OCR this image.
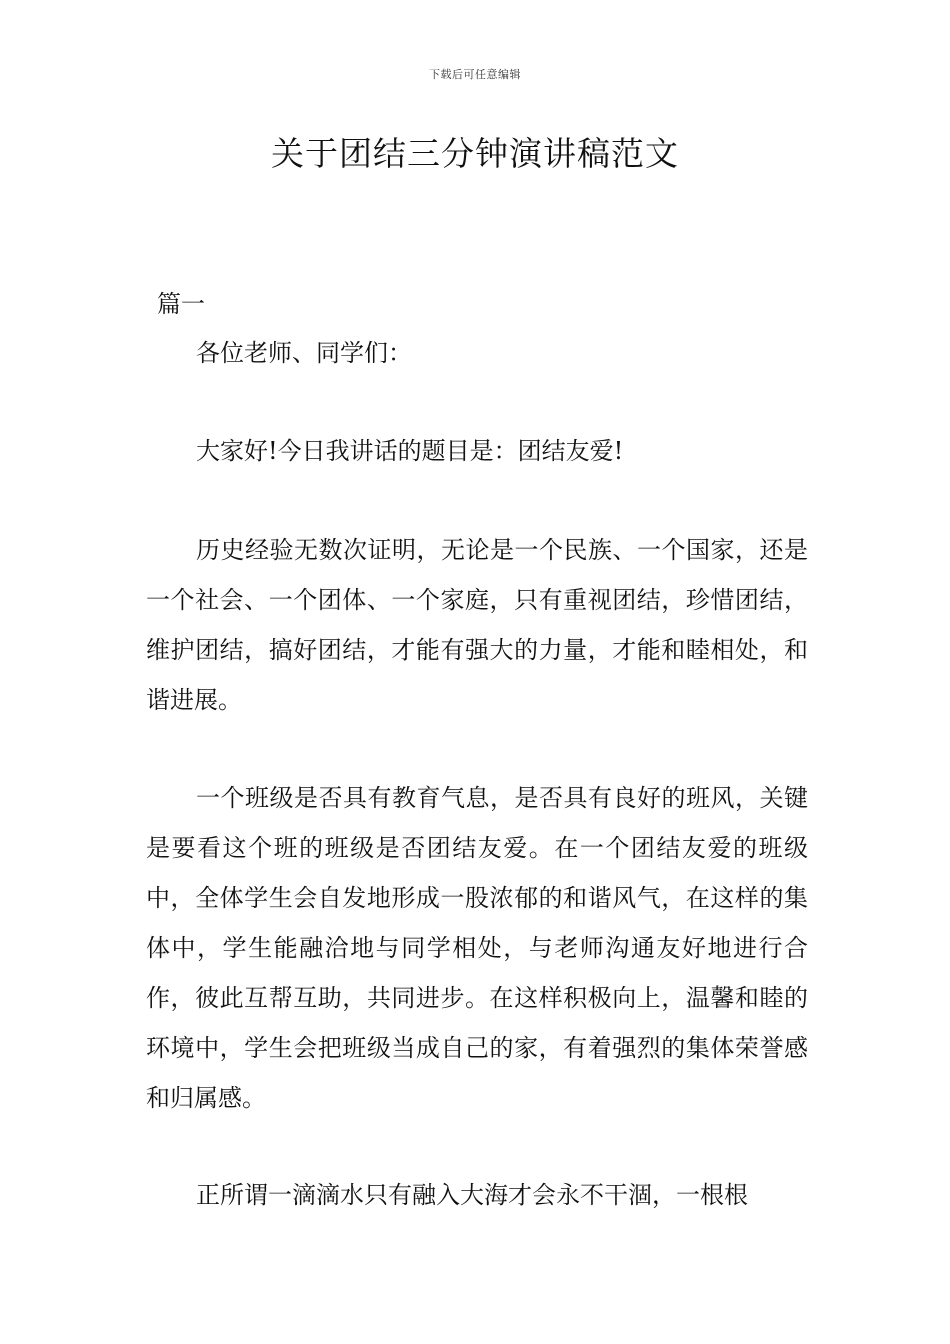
下载后可任意编辑
关于团结三分钟演讲稿范文

篇一

各位老师、同学们：

大家好!今日我讲话的题目是：团结友爱!

历史经验无数次证明，无论是一个民族、一个国家，还是一个社会、一个团体、一个家庭，只有重视团结，珍惜团结，维护团结，搞好团结，才能有强大的力量，才能和睦相处，和谐进展。

一个班级是否具有教育气息，是否具有良好的班风，关键是要看这个班的班级是否团结友爱。在一个团结友爱的班级中，全体学生会自发地形成一股浓郁的和谐风气，在这样的集体中，学生能融洽地与同学相处，与老师沟通友好地进行合作，彼此互帮互助，共同进步。在这样积极向上，温馨和睦的环境中，学生会把班级当成自己的家，有着强烈的集体荣誉感和归属感。

正所谓一滴滴水只有融入大海才会永不干涸，一根根
